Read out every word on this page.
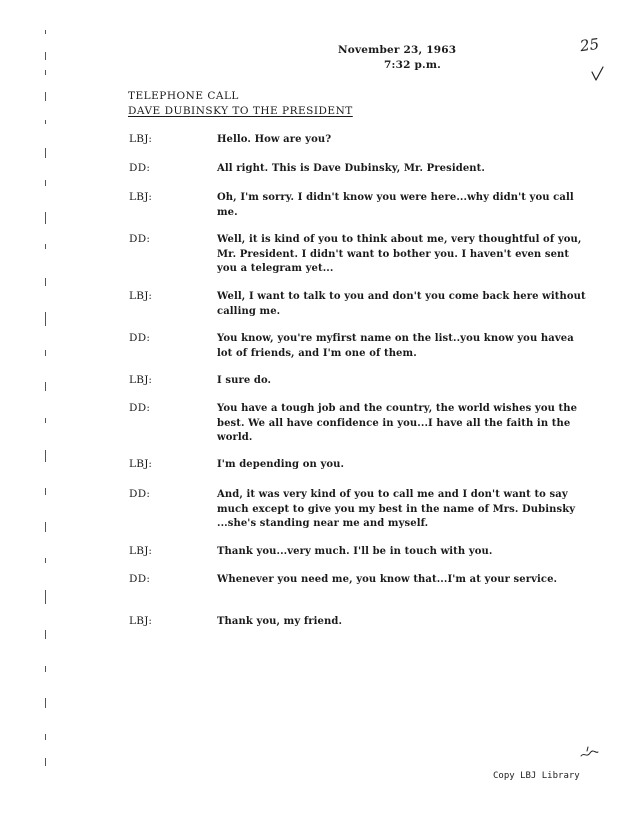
November 23, 1963
7:32 p.m.
25
TELEPHONE CALL
DAVE DUBINSKY TO THE PRESIDENT
LBJ:	Hello. How are you?
DD:	All right. This is Dave Dubinsky, Mr. President.
LBJ:	Oh, I'm sorry. I didn't know you were here...why didn't you call me.
DD:	Well, it is kind of you to think about me, very thoughtful of you, Mr. President. I didn't want to bother you. I haven't even sent you a telegram yet...
LBJ:	Well, I want to talk to you and don't you come back here without calling me.
DD:	You know, you're myfirst name on the list..you know you havea lot of friends, and I'm one of them.
LBJ:	I sure do.
DD:	You have a tough job and the country, the world wishes you the best. We all have confidence in you...I have all the faith in the world.
LBJ:	I'm depending on you.
DD:	And, it was very kind of you to call me and I don't want to say much except to give you my best in the name of Mrs. Dubinsky ...she's standing near me and myself.
LBJ:	Thank you...very much. I'll be in touch with you.
DD:	Whenever you need me, you know that...I'm at your service.
LBJ:	Thank you, my friend.
Copy LBJ Library
